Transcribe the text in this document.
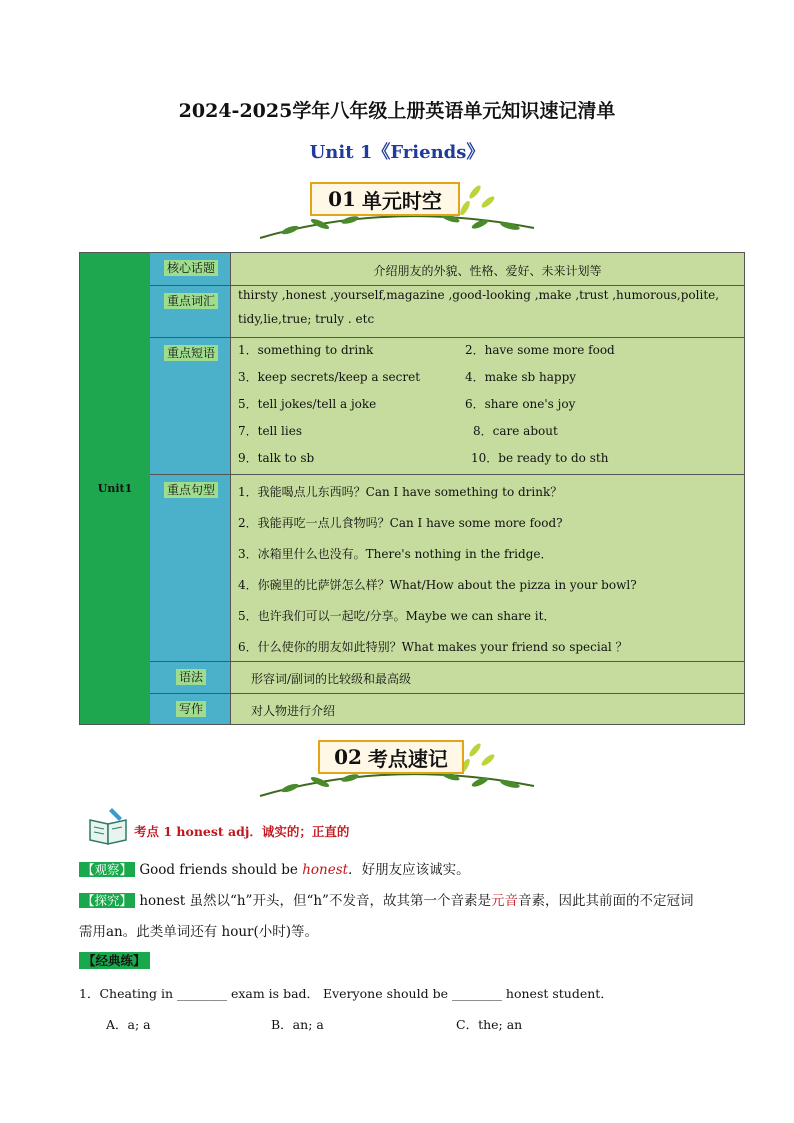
2024-2025学年八年级上册英语单元知识速记清单
Unit 1《Friends》
01 单元时空
Unit1
核心话题	介绍朋友的外貌、性格、爱好、未来计划等
重点词汇 thirsty ,honest ,yourself,magazine ,good-looking ,make ,trust ,humorous,polite,
tidy,lie,true; truly . etc
重点短语 1．something to drink	2．have some more food
3．keep secrets/keep a secret	4．make sb happy
5．tell jokes/tell a joke	6．share one's joy
7．tell lies	8．care about
9．talk to sb	10．be ready to do sth
重点句型 1．我能喝点儿东西吗？Can I have something to drink？
2．我能再吃一点儿食物吗？Can I have some more food?
3．冰箱里什么也没有。There's nothing in the fridge．
4．你碗里的比萨饼怎么样？What/How about the pizza in your bowl?
5．也许我们可以一起吃/分享。Maybe we can share it．
6．什么使你的朋友如此特别？What makes your friend so special ？
语法	形容词/副词的比较级和最高级
写作	对人物进行介绍
02 考点速记
考点 1 honest adj．诚实的；正直的
【观察】 Good friends should be honest．好朋友应该诚实。
【探究】 honest 虽然以“h”开头，但“h”不发音，故其第一个音素是元音音素，因此其前面的不定冠词
需用an。此类单词还有 hour(小时)等。
【经典练】
1．Cheating in ________ exam is bad． Everyone should be ________ honest student．
A．a; a	B．an; a	C．the; an
